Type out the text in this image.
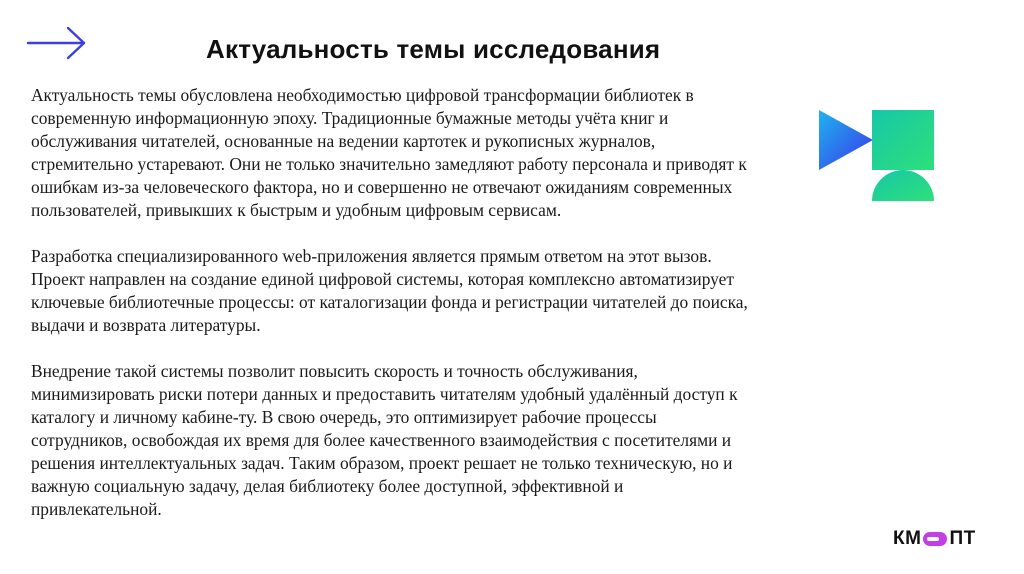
Актуальность темы исследования

Актуальность темы обусловлена необходимостью цифровой трансформации библиотек в современную информационную эпоху. Традиционные бумажные методы учёта книг и обслуживания читателей, основанные на ведении картотек и рукописных журналов, стремительно устаревают. Они не только значительно замедляют работу персонала и приводят к ошибкам из-за человеческого фактора, но и совершенно не отвечают ожиданиям современных пользователей, привыкших к быстрым и удобным цифровым сервисам.

Разработка специализированного web-приложения является прямым ответом на этот вызов. Проект направлен на создание единой цифровой системы, которая комплексно автоматизирует ключевые библиотечные процессы: от каталогизации фонда и регистрации читателей до поиска, выдачи и возврата литературы.

Внедрение такой системы позволит повысить скорость и точность обслуживания, минимизировать риски потери данных и предоставить читателям удобный удалённый доступ к каталогу и личному кабине-ту. В свою очередь, это оптимизирует рабочие процессы сотрудников, освобождая их время для более качественного взаимодействия с посетителями и решения интеллектуальных задач. Таким образом, проект решает не только техническую, но и важную социальную задачу, делая библиотеку более доступной, эффективной и привлекательной.

КМ ПТ
